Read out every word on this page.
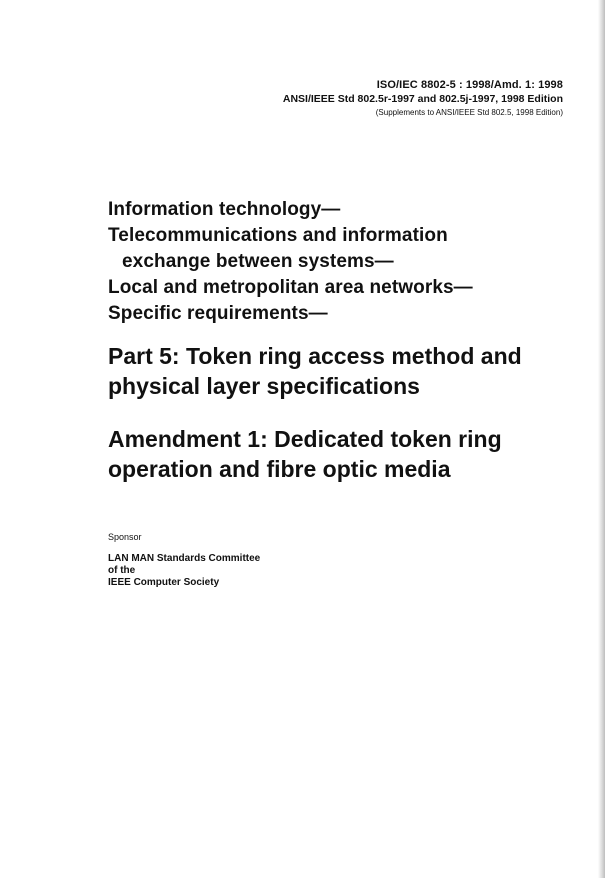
ISO/IEC 8802-5 : 1998/Amd. 1: 1998
ANSI/IEEE Std 802.5r-1997 and 802.5j-1997, 1998 Edition
(Supplements to ANSI/IEEE Std 802.5, 1998 Edition)
Information technology—
Telecommunications and information
exchange between systems—
Local and metropolitan area networks—
Specific requirements—
Part 5: Token ring access method and
physical layer specifications
Amendment 1: Dedicated token ring
operation and fibre optic media
Sponsor
LAN MAN Standards Committee
of the
IEEE Computer Society
